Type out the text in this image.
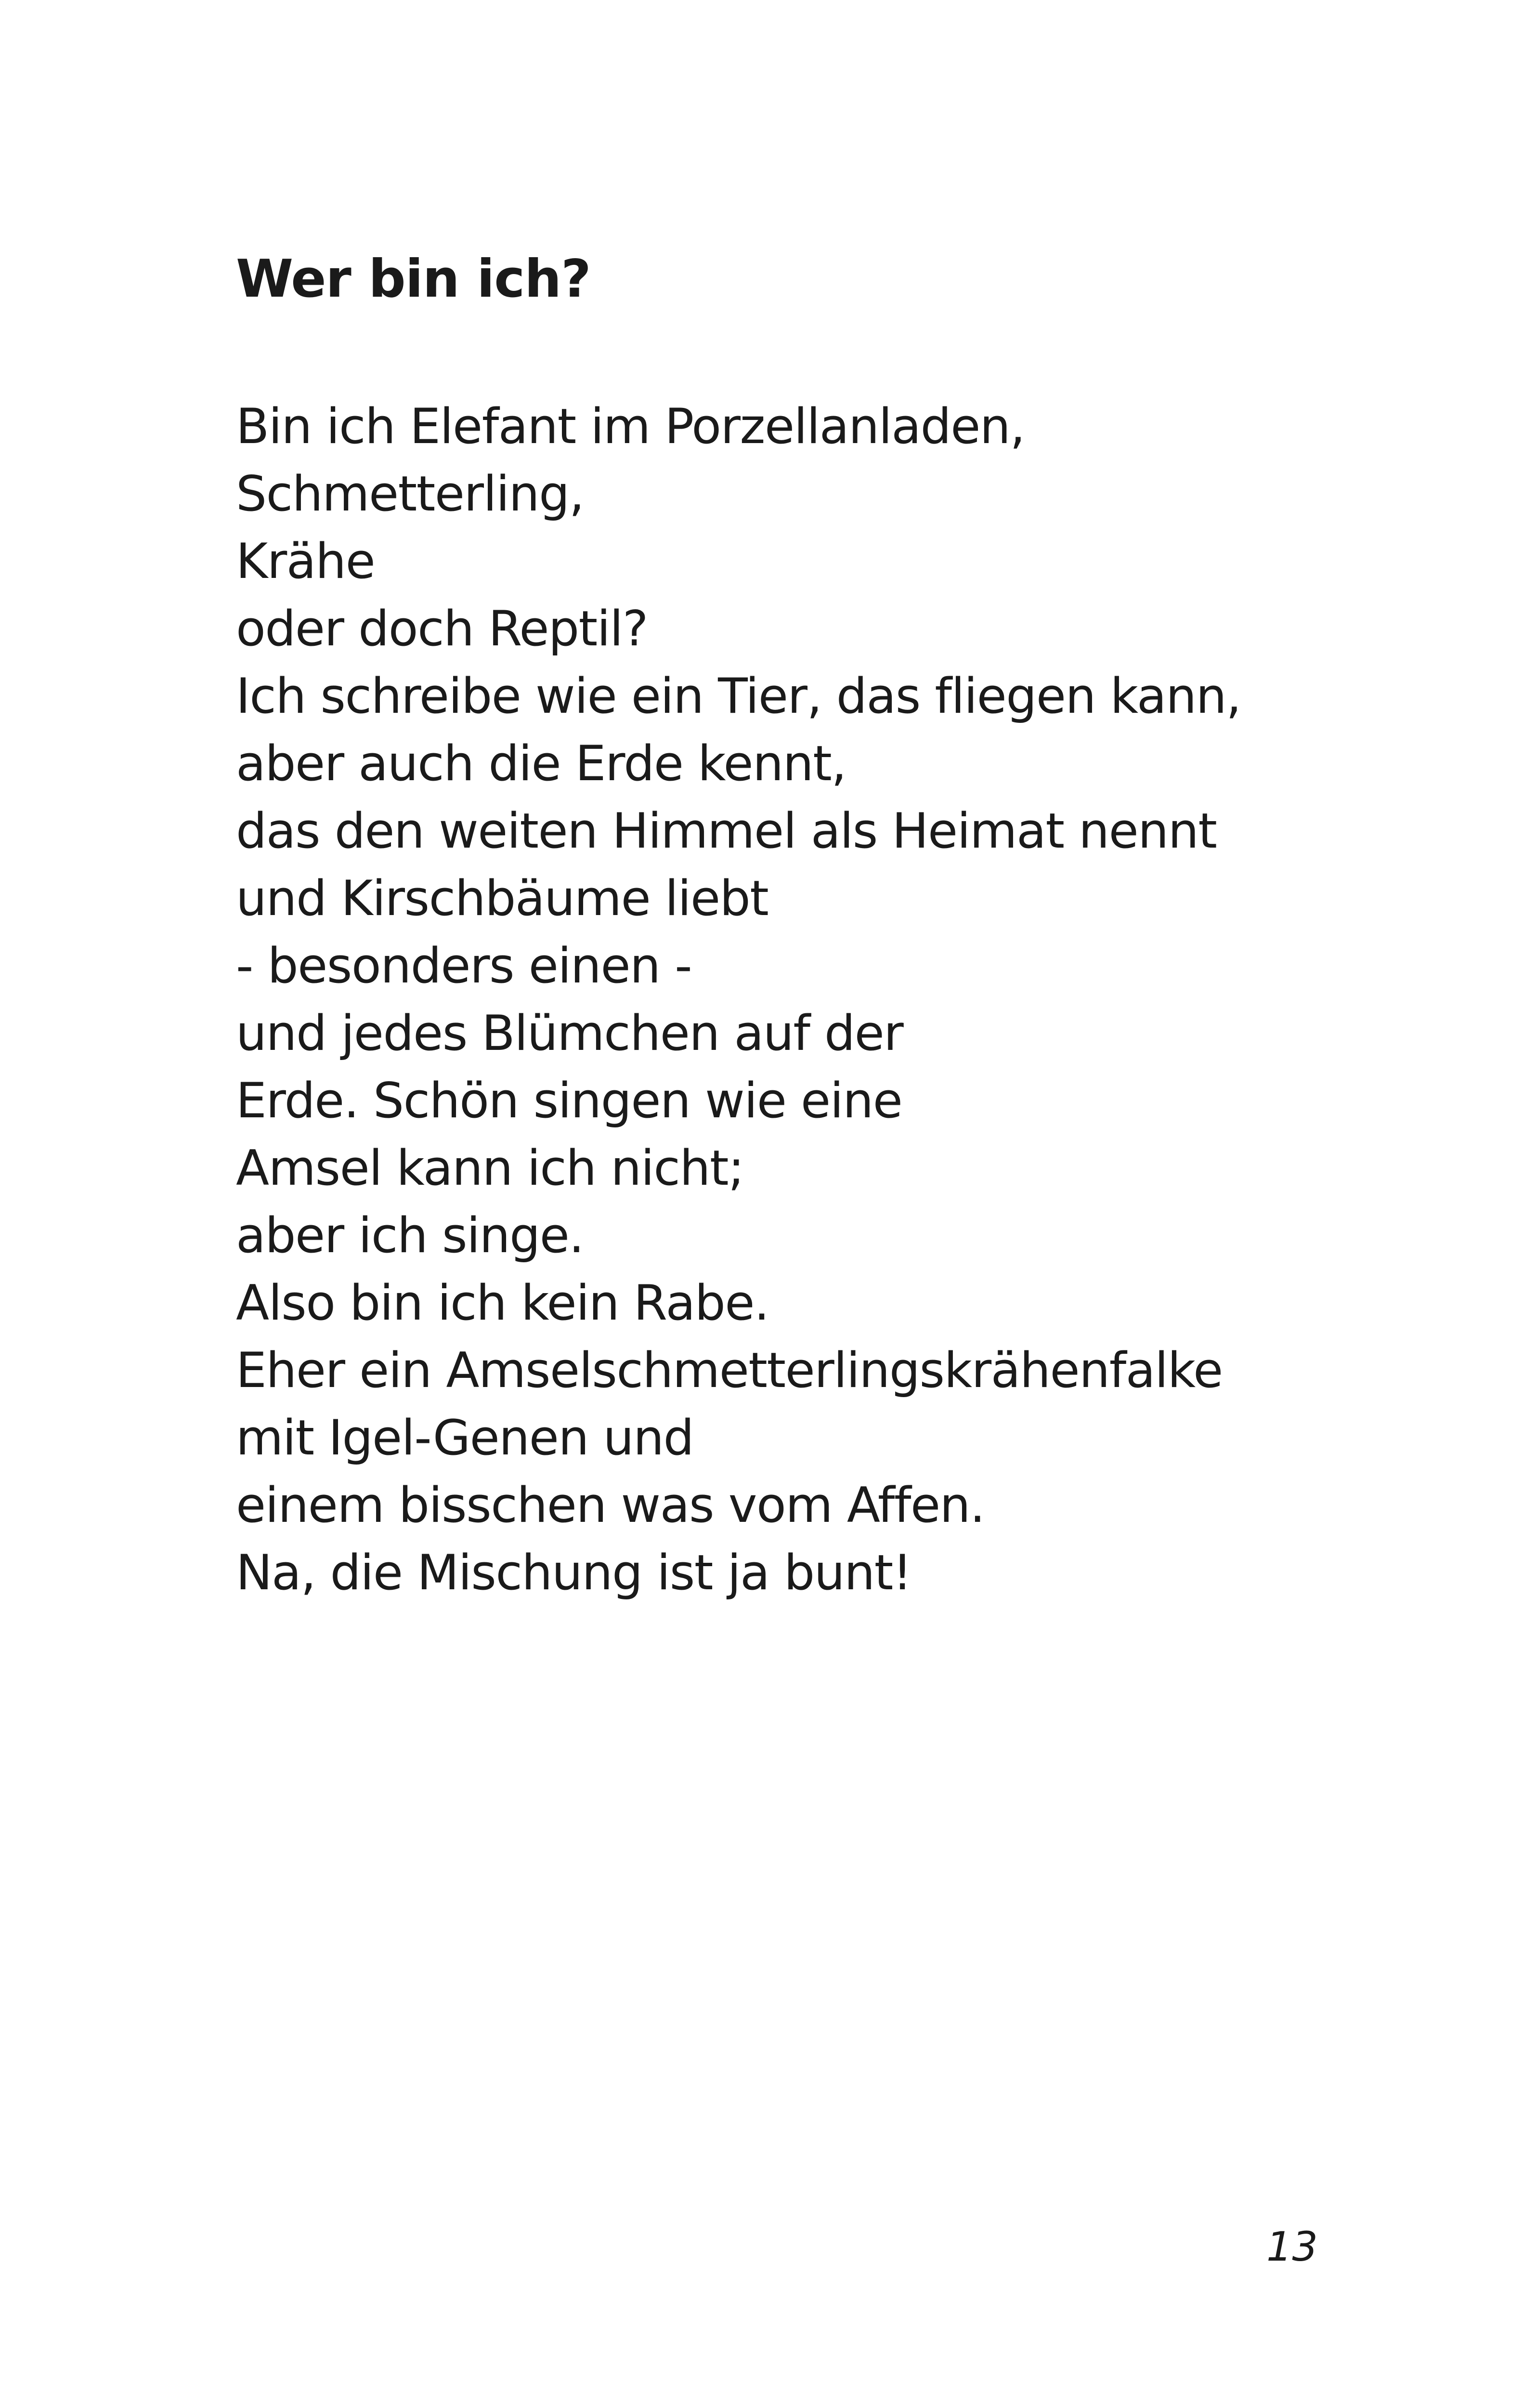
Wer bin ich?
Bin ich Elefant im Porzellanladen,
Schmetterling,
Krähe
oder doch Reptil?
Ich schreibe wie ein Tier, das fliegen kann,
aber auch die Erde kennt,
das den weiten Himmel als Heimat nennt
und Kirschbäume liebt
- besonders einen -
und jedes Blümchen auf der
Erde. Schön singen wie eine
Amsel kann ich nicht;
aber ich singe.
Also bin ich kein Rabe.
Eher ein Amselschmetterlingskrähenfalke
mit Igel-Genen und
einem bisschen was vom Affen.
Na, die Mischung ist ja bunt!

13
